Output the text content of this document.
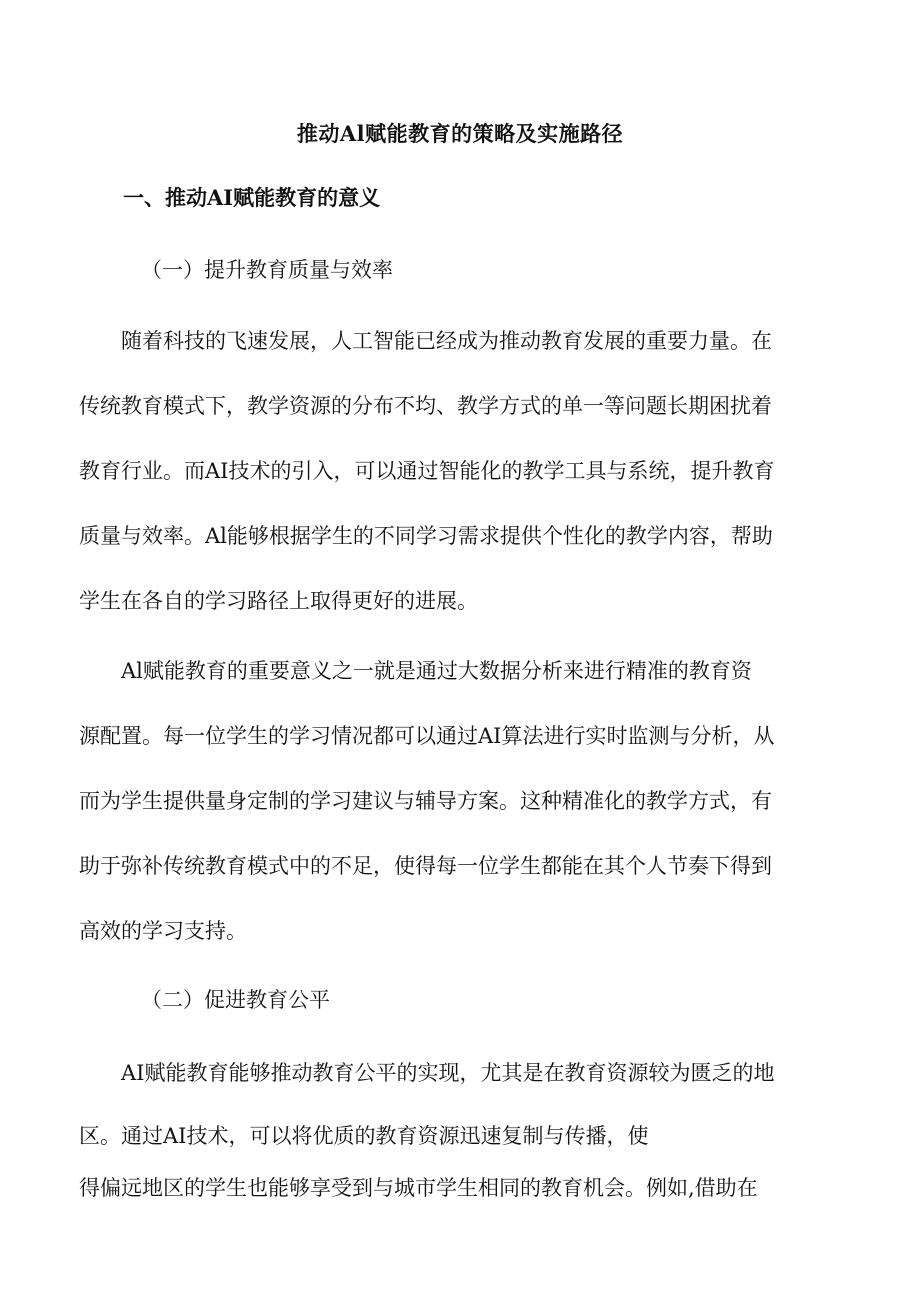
推动Al赋能教育的策略及实施路径
一、推动AI赋能教育的意义
（一）提升教育质量与效率

随着科技的飞速发展，人工智能已经成为推动教育发展的重要力量。在
传统教育模式下，教学资源的分布不均、教学方式的单一等问题长期困扰着
教育行业。而AI技术的引入，可以通过智能化的教学工具与系统，提升教育
质量与效率。Al能够根据学生的不同学习需求提供个性化的教学内容，帮助
学生在各自的学习路径上取得更好的进展。

Al赋能教育的重要意义之一就是通过大数据分析来进行精准的教育资
源配置。每一位学生的学习情况都可以通过AI算法进行实时监测与分析，从
而为学生提供量身定制的学习建议与辅导方案。这种精准化的教学方式，有
助于弥补传统教育模式中的不足，使得每一位学生都能在其个人节奏下得到
高效的学习支持。

（二）促进教育公平

AI赋能教育能够推动教育公平的实现，尤其是在教育资源较为匮乏的地
区。通过AI技术，可以将优质的教育资源迅速复制与传播，使
得偏远地区的学生也能够享受到与城市学生相同的教育机会。例如,借助在
